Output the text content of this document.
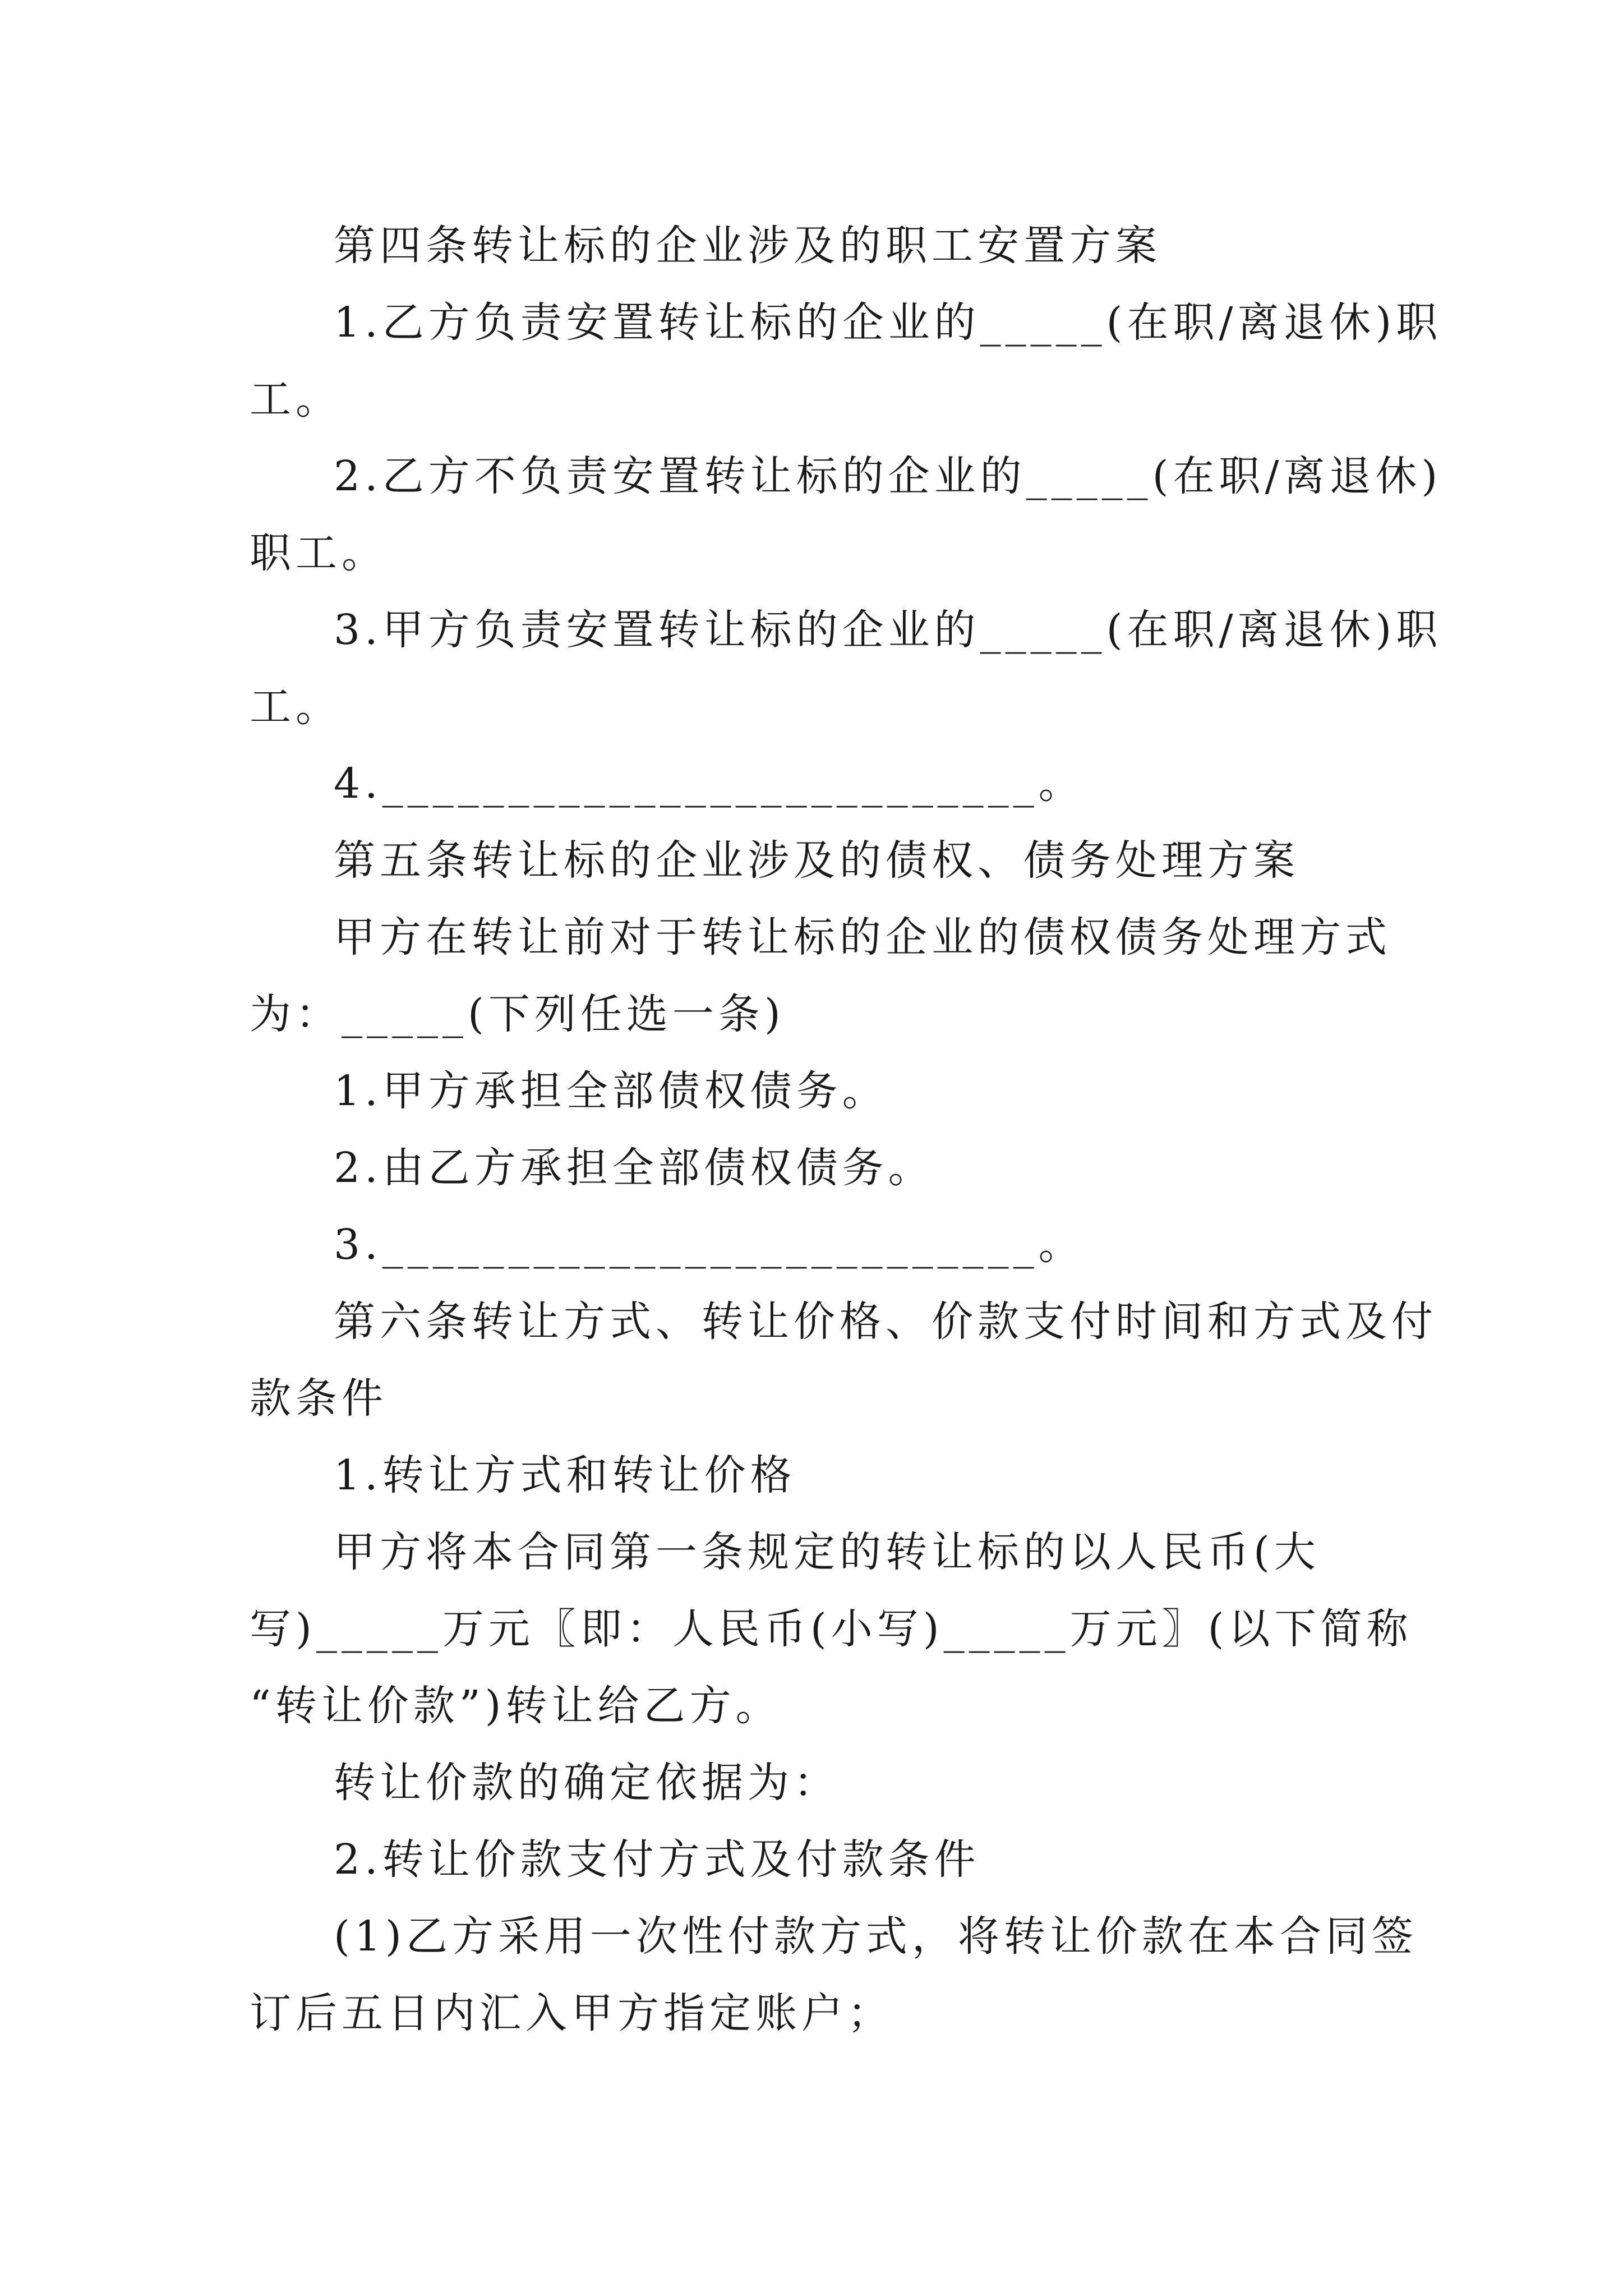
第四条转让标的企业涉及的职工安置方案
1.乙方负责安置转让标的企业的_____(在职/离退休)职
工。
2.乙方不负责安置转让标的企业的_____(在职/离退休)
职工。
3.甲方负责安置转让标的企业的_____(在职/离退休)职
工。
4.__________________________。
第五条转让标的企业涉及的债权、债务处理方案
甲方在转让前对于转让标的企业的债权债务处理方式
为：_____(下列任选一条)
1.甲方承担全部债权债务。
2.由乙方承担全部债权债务。
3.__________________________。
第六条转让方式、转让价格、价款支付时间和方式及付
款条件
1.转让方式和转让价格
甲方将本合同第一条规定的转让标的以人民币(大
写)_____万元〖即：人民币(小写)_____万元〗(以下简称
“转让价款”)转让给乙方。
转让价款的确定依据为：
2.转让价款支付方式及付款条件
(1)乙方采用一次性付款方式，将转让价款在本合同签
订后五日内汇入甲方指定账户；
